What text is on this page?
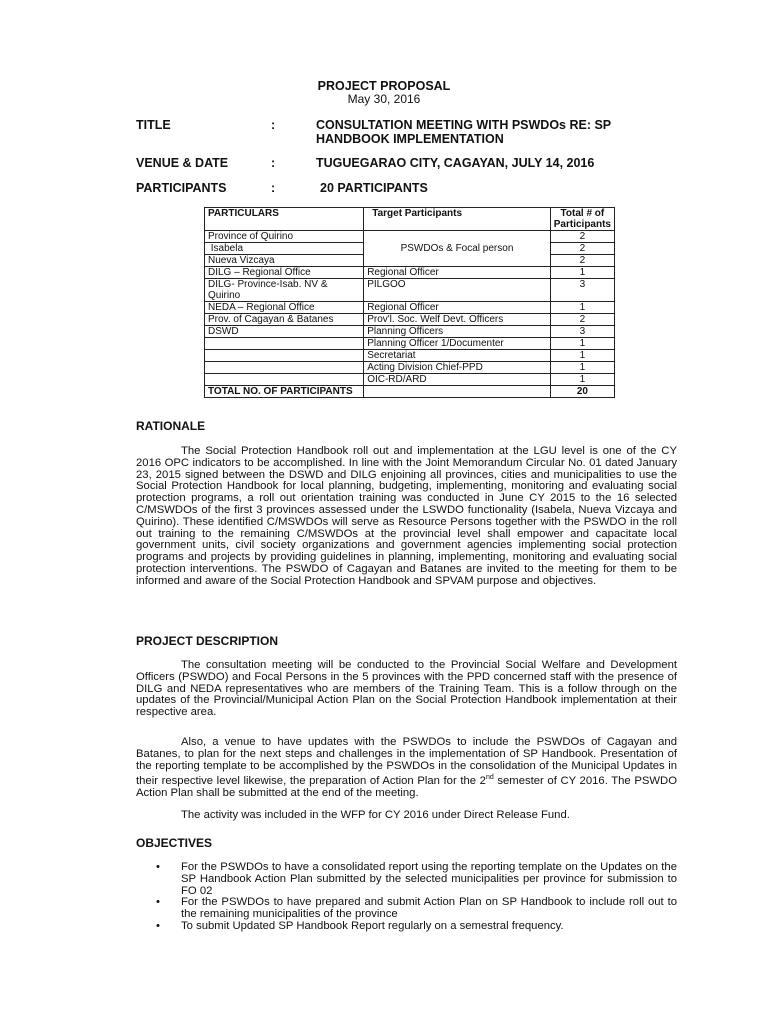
PROJECT PROPOSAL
May 30, 2016
TITLE	:	CONSULTATION MEETING WITH PSWDOs RE: SP
HANDBOOK IMPLEMENTATION
VENUE & DATE	:	TUGUEGARAO CITY, CAGAYAN, JULY 14, 2016
PARTICIPANTS	:	20 PARTICIPANTS
PARTICULARS	Target Participants	Total # of Participants
Province of Quirino	PSWDOs & Focal person	2
Isabela		2
Nueva Vizcaya		2
DILG – Regional Office	Regional Officer	1
DILG- Province-Isab. NV & Quirino	PILGOO	3
NEDA – Regional Office	Regional Officer	1
Prov. of Cagayan & Batanes	Prov'l. Soc. Welf Devt. Officers	2
DSWD	Planning Officers	3
	Planning Officer 1/Documenter	1
	Secretariat	1
	Acting Division Chief-PPD	1
	OIC-RD/ARD	1
TOTAL NO. OF PARTICIPANTS		20
RATIONALE

The Social Protection Handbook roll out and implementation at the LGU level is one of the CY 2016 OPC indicators to be accomplished. In line with the Joint Memorandum Circular No. 01 dated January 23, 2015 signed between the DSWD and DILG enjoining all provinces, cities and municipalities to use the Social Protection Handbook for local planning, budgeting, implementing, monitoring and evaluating social protection programs, a roll out orientation training was conducted in June CY 2015 to the 16 selected C/MSWDOs of the first 3 provinces assessed under the LSWDO functionality (Isabela, Nueva Vizcaya and Quirino). These identified C/MSWDOs will serve as Resource Persons together with the PSWDO in the roll out training to the remaining C/MSWDOs at the provincial level shall empower and capacitate local government units, civil society organizations and government agencies implementing social protection programs and projects by providing guidelines in planning, implementing, monitoring and evaluating social protection interventions. The PSWDO of Cagayan and Batanes are invited to the meeting for them to be informed and aware of the Social Protection Handbook and SPVAM purpose and objectives.

PROJECT DESCRIPTION

The consultation meeting will be conducted to the Provincial Social Welfare and Development Officers (PSWDO) and Focal Persons in the 5 provinces with the PPD concerned staff with the presence of DILG and NEDA representatives who are members of the Training Team. This is a follow through on the updates of the Provincial/Municipal Action Plan on the Social Protection Handbook implementation at their respective area.

Also, a venue to have updates with the PSWDOs to include the PSWDOs of Cagayan and Batanes, to plan for the next steps and challenges in the implementation of SP Handbook. Presentation of the reporting template to be accomplished by the PSWDOs in the consolidation of the Municipal Updates in their respective level likewise, the preparation of Action Plan for the 2nd semester of CY 2016. The PSWDO Action Plan shall be submitted at the end of the meeting.

The activity was included in the WFP for CY 2016 under Direct Release Fund.

OBJECTIVES
• For the PSWDOs to have a consolidated report using the reporting template on the Updates on the SP Handbook Action Plan submitted by the selected municipalities per province for submission to FO 02
• For the PSWDOs to have prepared and submit Action Plan on SP Handbook to include roll out to the remaining municipalities of the province
• To submit Updated SP Handbook Report regularly on a semestral frequency.
